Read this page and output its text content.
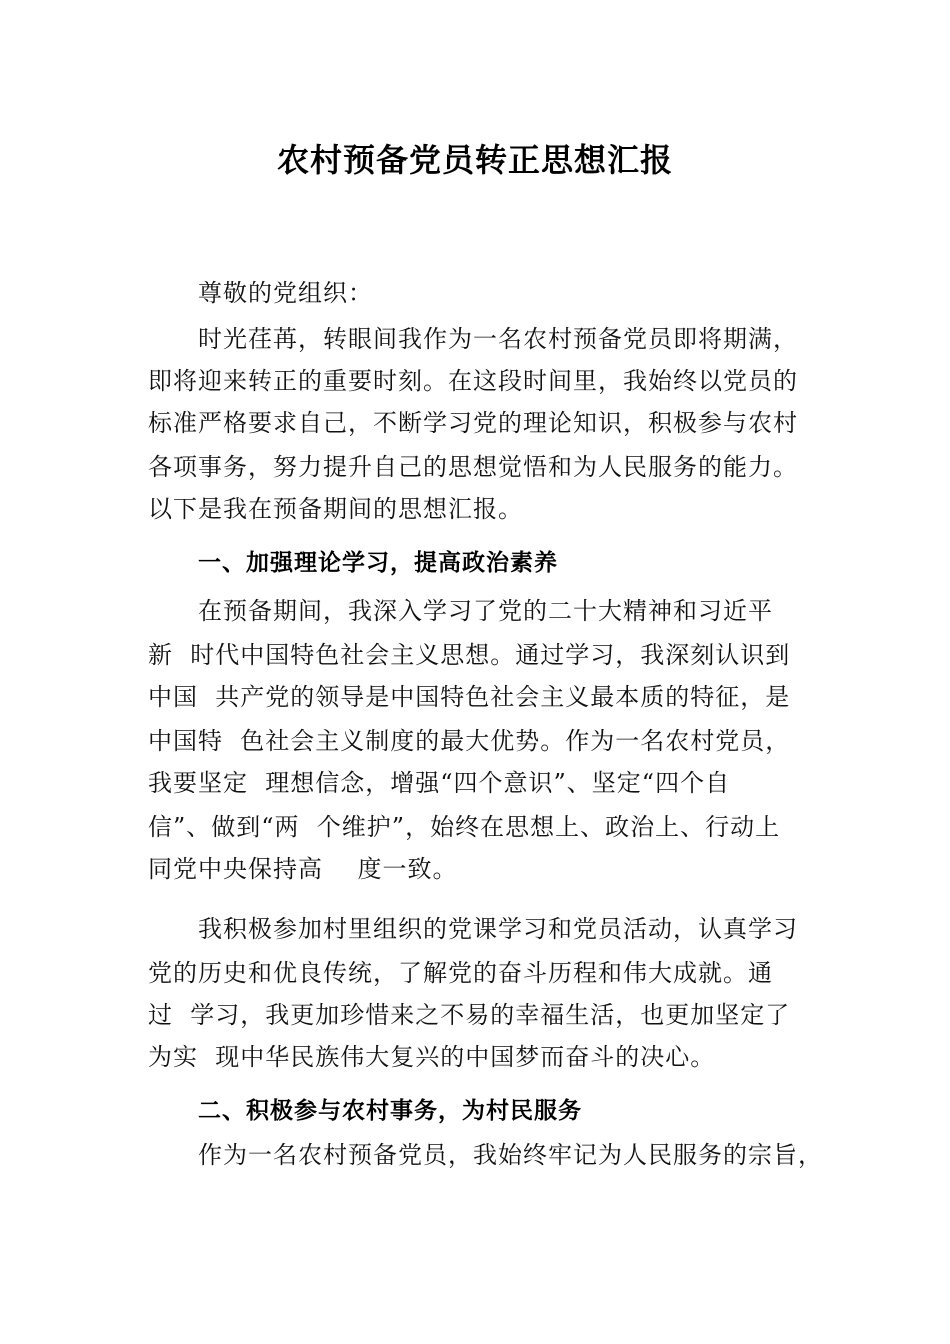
农村预备党员转正思想汇报
尊敬的党组织：
时光荏苒，转眼间我作为一名农村预备党员即将期满，
即将迎来转正的重要时刻。在这段时间里，我始终以党员的
标准严格要求自己，不断学习党的理论知识，积极参与农村
各项事务，努力提升自己的思想觉悟和为人民服务的能力。
以下是我在预备期间的思想汇报。
一、加强理论学习，提高政治素养
在预备期间，我深入学习了党的二十大精神和习近平
新  时代中国特色社会主义思想。通过学习，我深刻认识到
中国  共产党的领导是中国特色社会主义最本质的特征，是
中国特  色社会主义制度的最大优势。作为一名农村党员，
我要坚定  理想信念，增强“四个意识”、坚定“四个自
信”、做到“两  个维护”，始终在思想上、政治上、行动上
同党中央保持高    度一致。
我积极参加村里组织的党课学习和党员活动，认真学习
党的历史和优良传统，了解党的奋斗历程和伟大成就。通
过  学习，我更加珍惜来之不易的幸福生活，也更加坚定了
为实  现中华民族伟大复兴的中国梦而奋斗的决心。
二、积极参与农村事务，为村民服务
作为一名农村预备党员，我始终牢记为人民服务的宗旨，
